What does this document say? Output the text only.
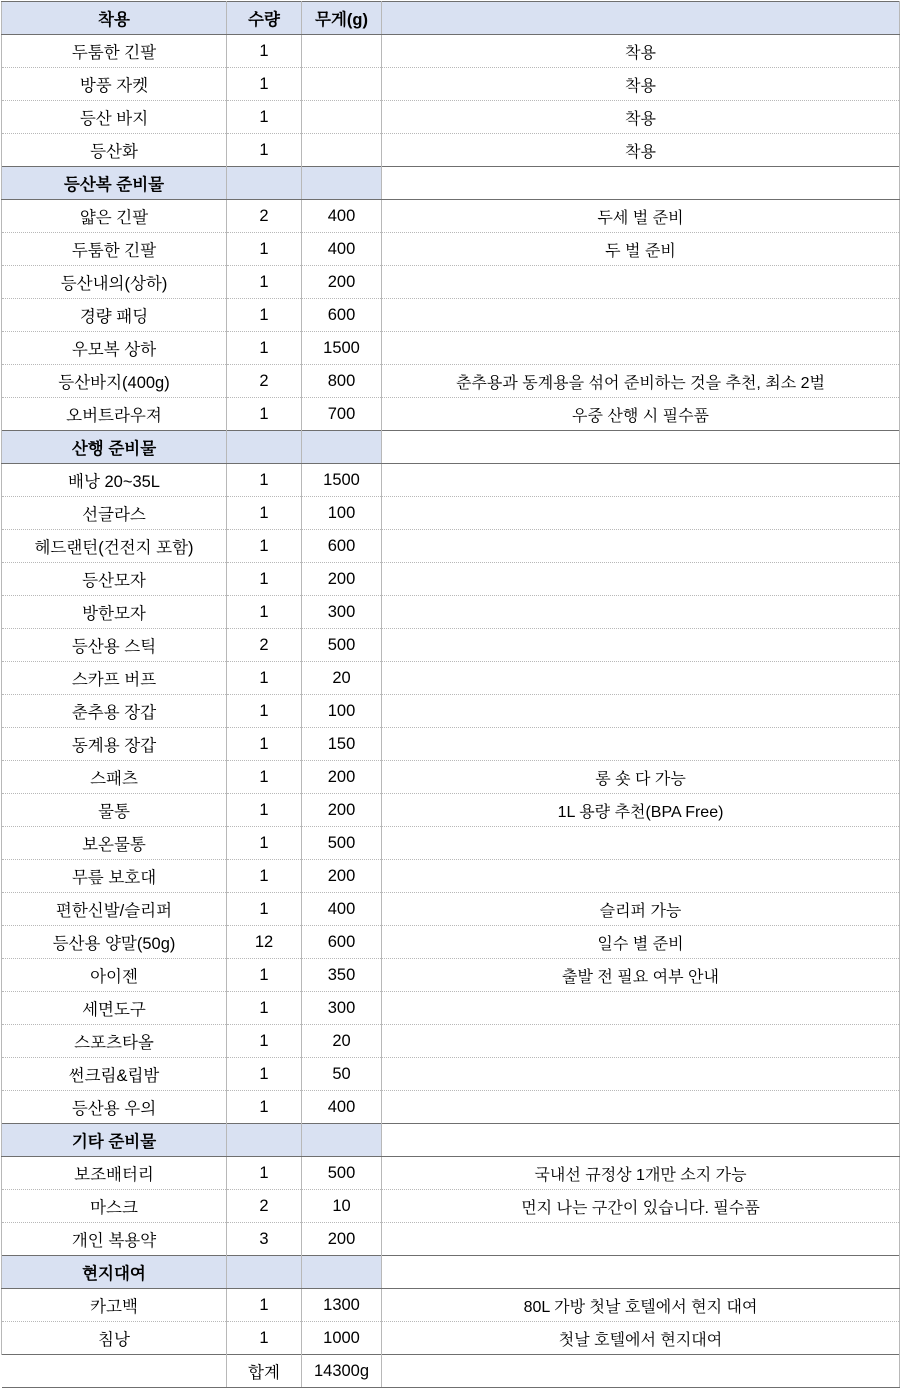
착용	수량	무게(g)	
두툼한 긴팔	1		착용
방풍 자켓	1		착용
등산 바지	1		착용
등산화	1		착용
등산복 준비물			
얇은 긴팔	2	400	두세 벌 준비
두툼한 긴팔	1	400	두 벌 준비
등산내의(상하)	1	200	
경량 패딩	1	600	
우모복 상하	1	1500	
등산바지(400g)	2	800	춘추용과 동계용을 섞어 준비하는 것을 추천, 최소 2벌
오버트라우져	1	700	우중 산행 시 필수품
산행 준비물			
배낭 20~35L	1	1500	
선글라스	1	100	
헤드랜턴(건전지 포함)	1	600	
등산모자	1	200	
방한모자	1	300	
등산용 스틱	2	500	
스카프 버프	1	20	
춘추용 장갑	1	100	
동계용 장갑	1	150	
스패츠	1	200	롱 숏 다 가능
물통	1	200	1L 용량 추천(BPA Free)
보온물통	1	500	
무릎 보호대	1	200	
편한신발/슬리퍼	1	400	슬리퍼 가능
등산용 양말(50g)	12	600	일수 별 준비
아이젠	1	350	출발 전 필요 여부 안내
세면도구	1	300	
스포츠타올	1	20	
썬크림&립밤	1	50	
등산용 우의	1	400	
기타 준비물			
보조배터리	1	500	국내선 규정상 1개만 소지 가능
마스크	2	10	먼지 나는 구간이 있습니다. 필수품
개인 복용약	3	200	
현지대여			
카고백	1	1300	80L 가방 첫날 호텔에서 현지 대여
침낭	1	1000	첫날 호텔에서 현지대여
	합계	14300g	
